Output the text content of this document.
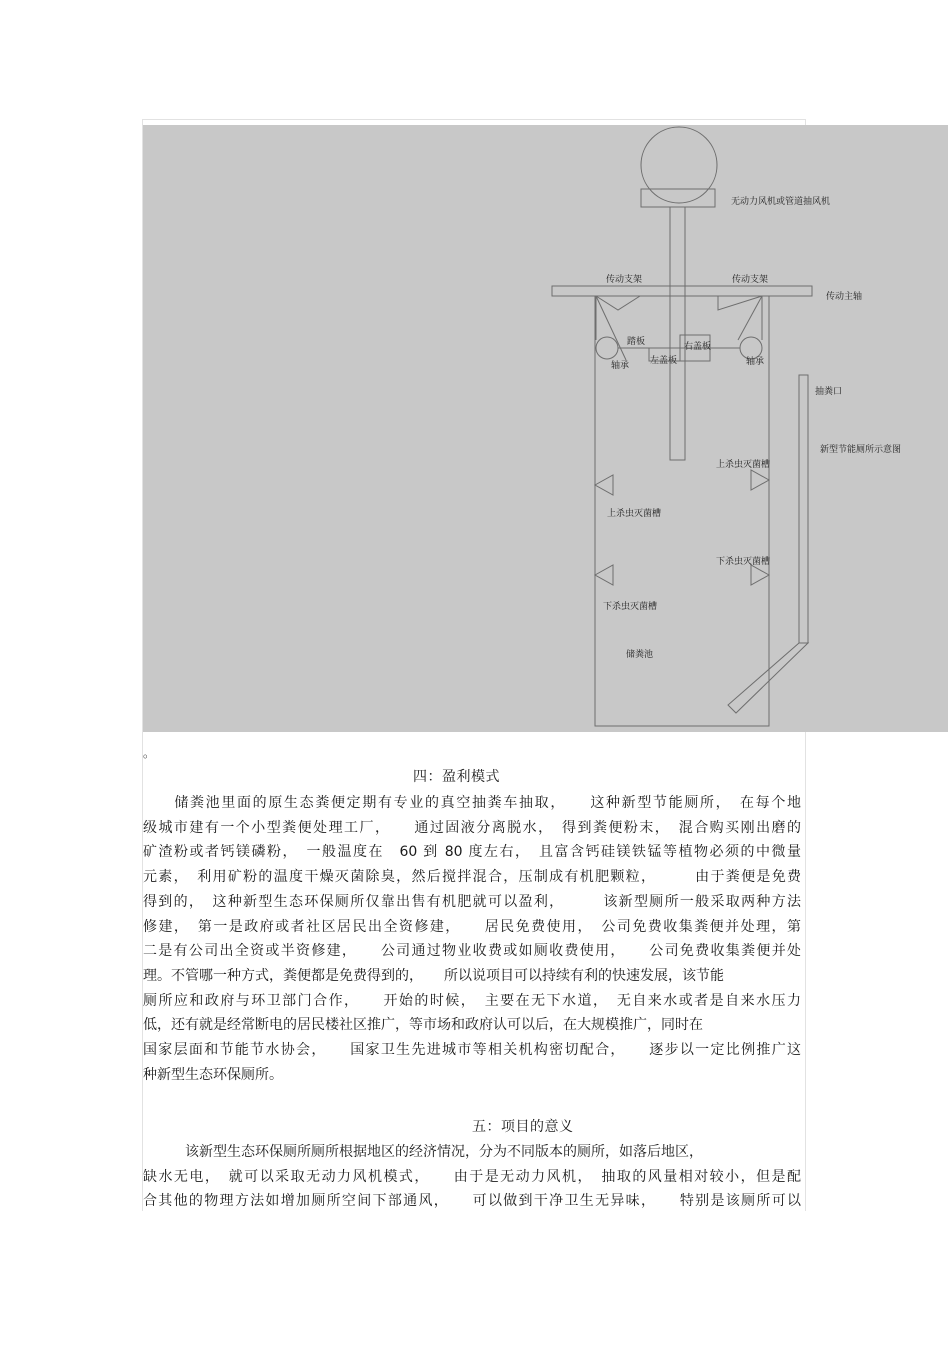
无动力风机或管道抽风机
传动支架	传动支架
传动主轴
踏板	右盖板
左盖板
轴承	轴承
抽粪口
新型节能厕所示意图
上杀虫灭菌槽
上杀虫灭菌槽
下杀虫灭菌槽
下杀虫灭菌槽
储粪池
。
四：盈利模式
　　储粪池里面的原生态粪便定期有专业的真空抽粪车抽取，　　这种新型节能厕所，　在每个地
级城市建有一个小型粪便处理工厂，　　通过固液分离脱水，　得到粪便粉末，　混合购买刚出磨的
矿渣粉或者钙镁磷粉，　一般温度在　60 到 80 度左右，　且富含钙硅镁铁锰等植物必须的中微量
元素，　利用矿粉的温度干燥灭菌除臭，然后搅拌混合，压制成有机肥颗粒，　　　由于粪便是免费
得到的，　这种新型生态环保厕所仅靠出售有机肥就可以盈利，　　　该新型厕所一般采取两种方法
修建，　第一是政府或者社区居民出全资修建，　　居民免费使用，　公司免费收集粪便并处理，第
二是有公司出全资或半资修建，　　公司通过物业收费或如厕收费使用，　　公司免费收集粪便并处
理。不管哪一种方式，粪便都是免费得到的，　　所以说项目可以持续有利的快速发展，该节能
厕所应和政府与环卫部门合作，　　开始的时候，　主要在无下水道，　无自来水或者是自来水压力
低，还有就是经常断电的居民楼社区推广，等市场和政府认可以后，在大规模推广，同时在
国家层面和节能节水协会，　　国家卫生先进城市等相关机构密切配合，　　逐步以一定比例推广这
种新型生态环保厕所。
五：项目的意义
　　　该新型生态环保厕所厕所根据地区的经济情况，分为不同版本的厕所，如落后地区，
缺水无电，　就可以采取无动力风机模式，　　由于是无动力风机，　抽取的风量相对较小，但是配
合其他的物理方法如增加厕所空间下部通风，　　可以做到干净卫生无异味，　　特别是该厕所可以
